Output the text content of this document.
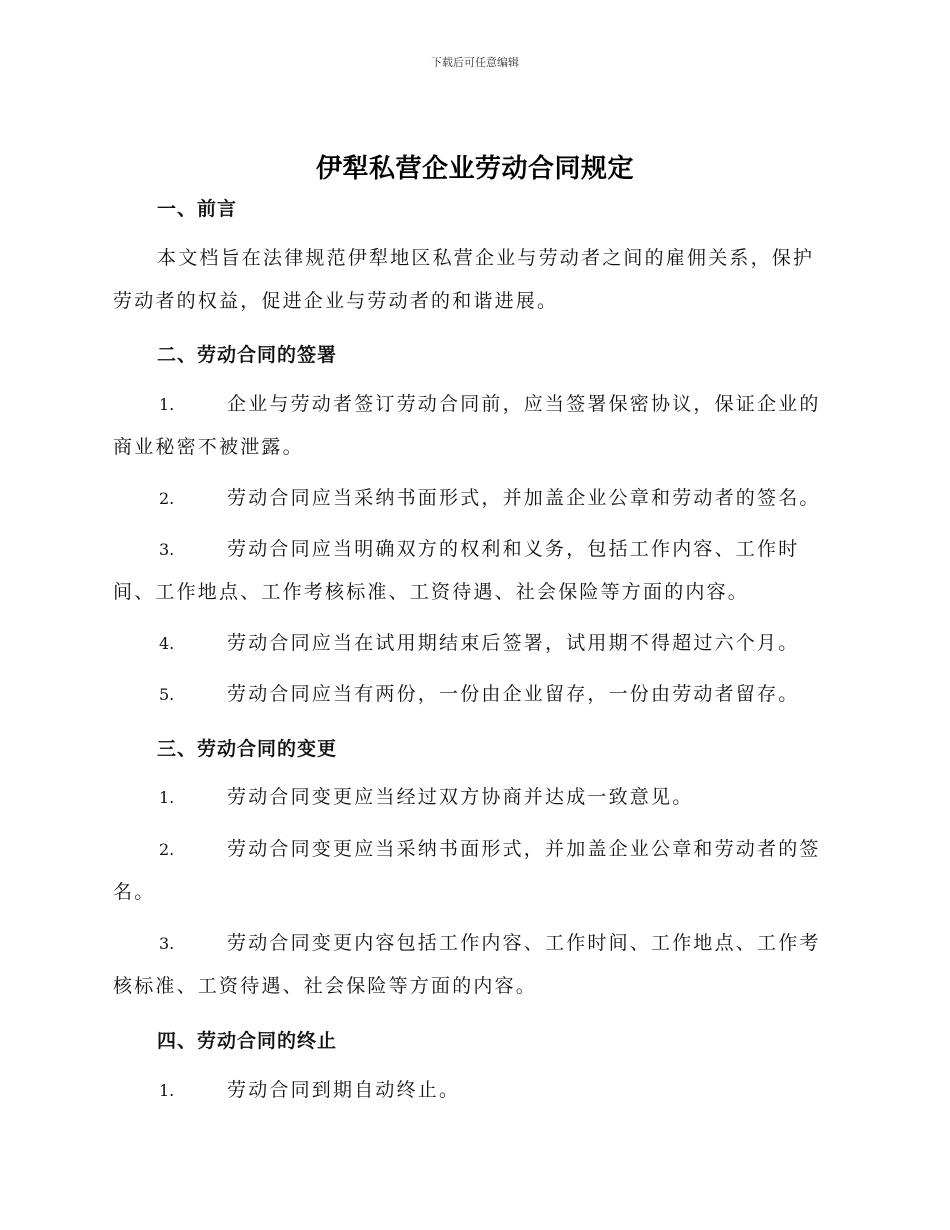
下载后可任意编辑
伊犁私营企业劳动合同规定
一、前言
本文档旨在法律规范伊犁地区私营企业与劳动者之间的雇佣关系，保护劳动者的权益，促进企业与劳动者的和谐进展。
二、劳动合同的签署
1.	企业与劳动者签订劳动合同前，应当签署保密协议，保证企业的商业秘密不被泄露。
2.	劳动合同应当采纳书面形式，并加盖企业公章和劳动者的签名。
3.	劳动合同应当明确双方的权利和义务，包括工作内容、工作时间、工作地点、工作考核标准、工资待遇、社会保险等方面的内容。
4.	劳动合同应当在试用期结束后签署，试用期不得超过六个月。
5.	劳动合同应当有两份，一份由企业留存，一份由劳动者留存。
三、劳动合同的变更
1.	劳动合同变更应当经过双方协商并达成一致意见。
2.	劳动合同变更应当采纳书面形式，并加盖企业公章和劳动者的签名。
3.	劳动合同变更内容包括工作内容、工作时间、工作地点、工作考核标准、工资待遇、社会保险等方面的内容。
四、劳动合同的终止
1.	劳动合同到期自动终止。
